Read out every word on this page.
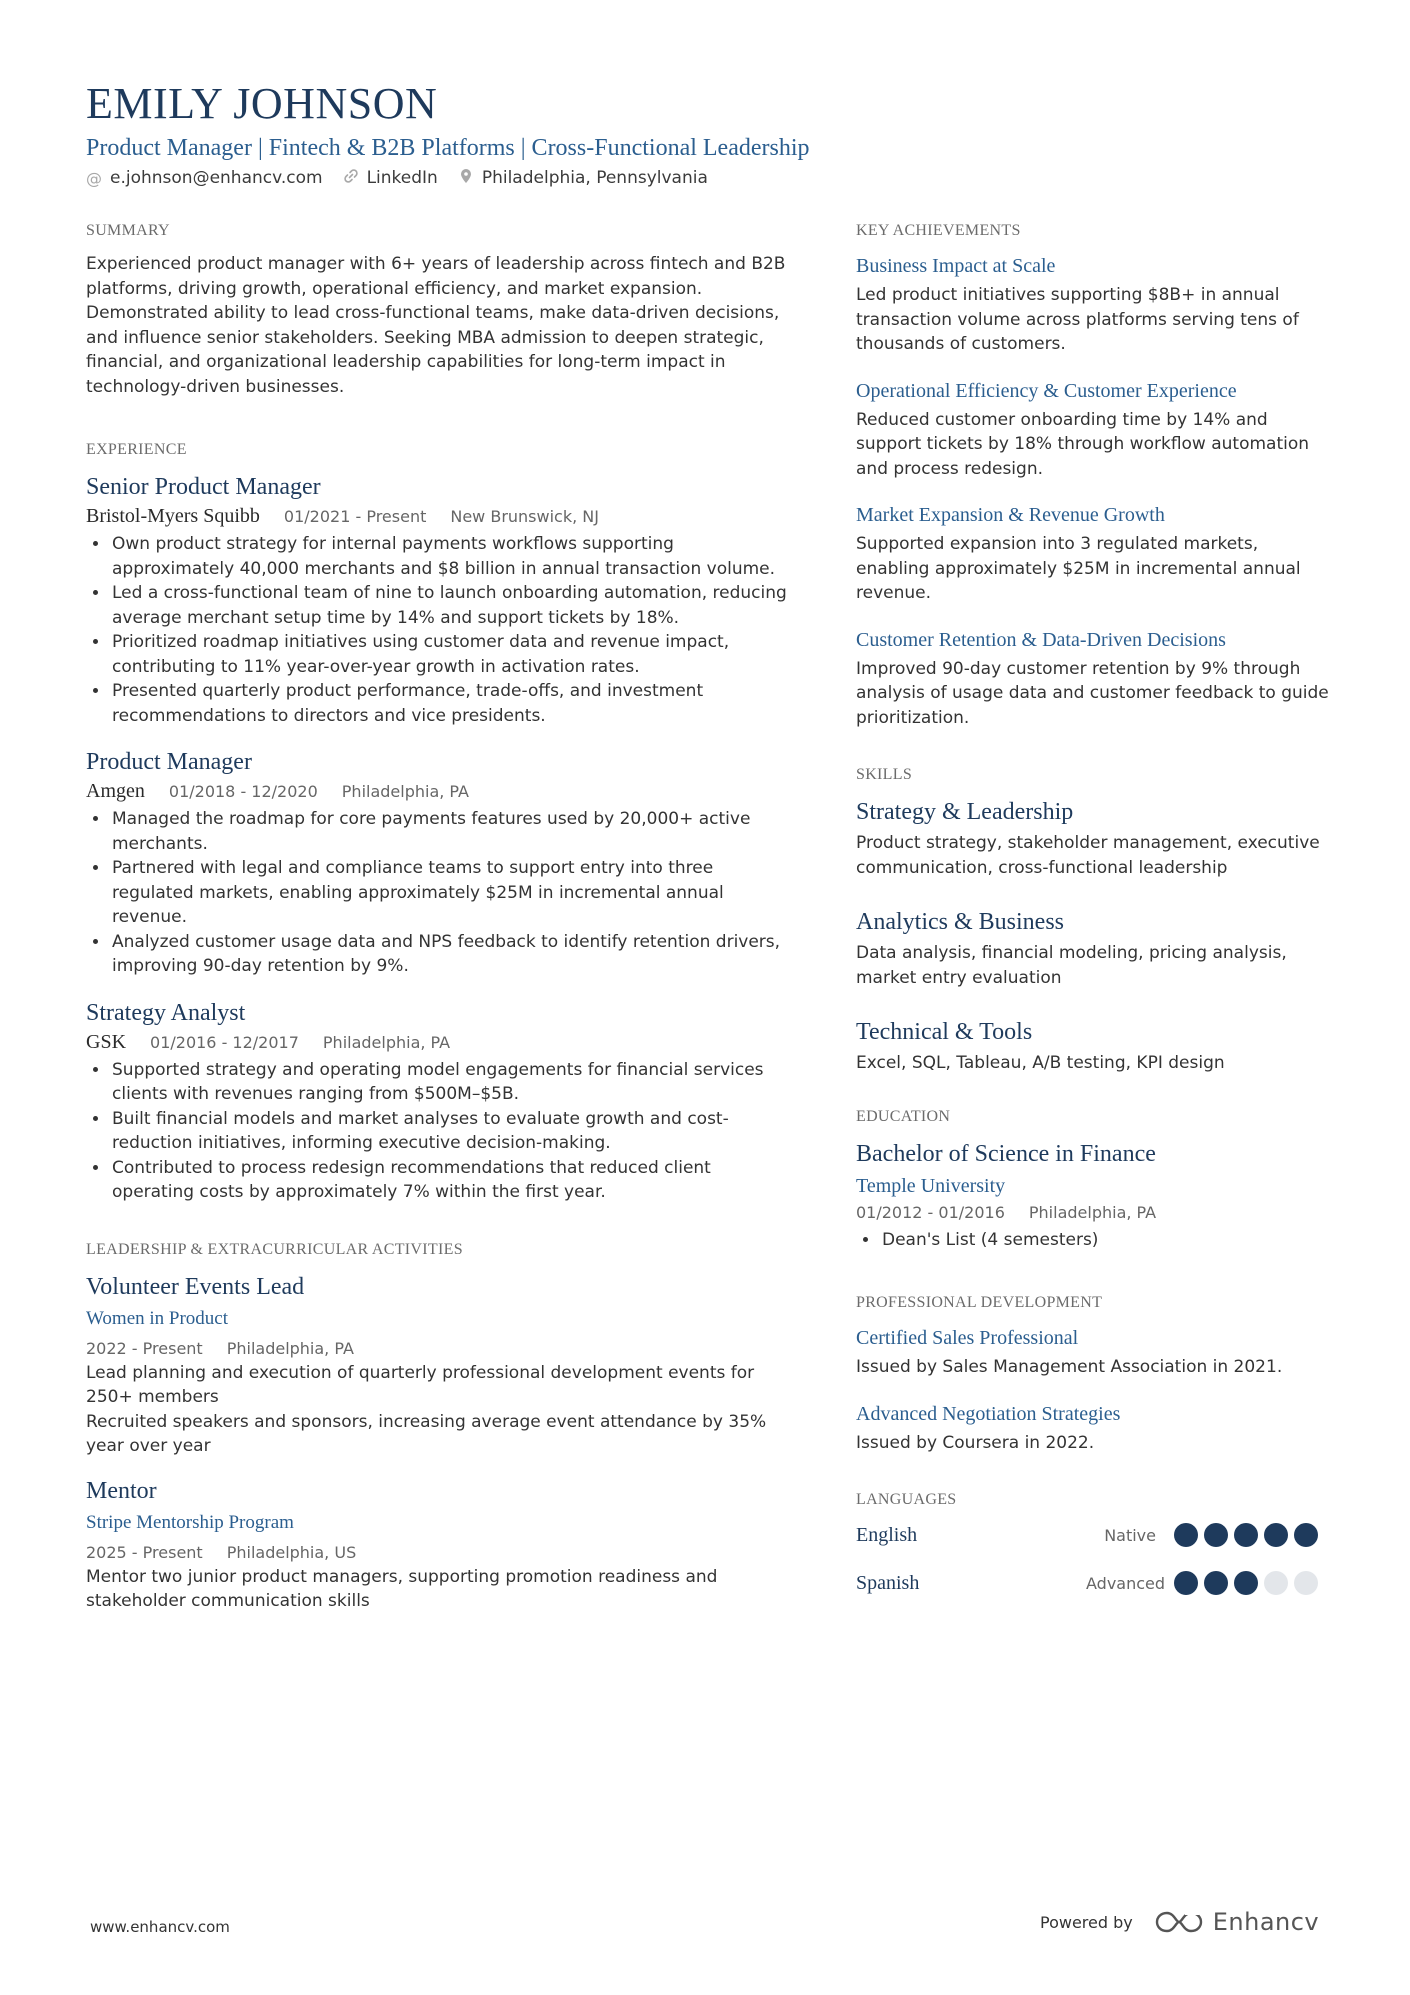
EMILY JOHNSON
Product Manager | Fintech & B2B Platforms | Cross-Functional Leadership
@ e.johnson@enhancv.com	LinkedIn	Philadelphia, Pennsylvania
SUMMARY
Experienced product manager with 6+ years of leadership across fintech and B2B platforms, driving growth, operational efficiency, and market expansion. Demonstrated ability to lead cross-functional teams, make data-driven decisions, and influence senior stakeholders. Seeking MBA admission to deepen strategic, financial, and organizational leadership capabilities for long-term impact in technology-driven businesses.
EXPERIENCE
Senior Product Manager
Bristol-Myers Squibb 01/2021 - Present New Brunswick, NJ
• Own product strategy for internal payments workflows supporting approximately 40,000 merchants and $8 billion in annual transaction volume.
• Led a cross-functional team of nine to launch onboarding automation, reducing average merchant setup time by 14% and support tickets by 18%.
• Prioritized roadmap initiatives using customer data and revenue impact, contributing to 11% year-over-year growth in activation rates.
• Presented quarterly product performance, trade-offs, and investment recommendations to directors and vice presidents.
Product Manager
Amgen 01/2018 - 12/2020 Philadelphia, PA
• Managed the roadmap for core payments features used by 20,000+ active merchants.
• Partnered with legal and compliance teams to support entry into three regulated markets, enabling approximately $25M in incremental annual revenue.
• Analyzed customer usage data and NPS feedback to identify retention drivers, improving 90-day retention by 9%.
Strategy Analyst
GSK 01/2016 - 12/2017 Philadelphia, PA
• Supported strategy and operating model engagements for financial services clients with revenues ranging from $500M–$5B.
• Built financial models and market analyses to evaluate growth and cost-reduction initiatives, informing executive decision-making.
• Contributed to process redesign recommendations that reduced client operating costs by approximately 7% within the first year.
LEADERSHIP & EXTRACURRICULAR ACTIVITIES
Volunteer Events Lead
Women in Product
2022 - Present Philadelphia, PA
Lead planning and execution of quarterly professional development events for 250+ members
Recruited speakers and sponsors, increasing average event attendance by 35% year over year
Mentor
Stripe Mentorship Program
2025 - Present Philadelphia, US
Mentor two junior product managers, supporting promotion readiness and stakeholder communication skills
KEY ACHIEVEMENTS
Business Impact at Scale
Led product initiatives supporting $8B+ in annual transaction volume across platforms serving tens of thousands of customers.
Operational Efficiency & Customer Experience
Reduced customer onboarding time by 14% and support tickets by 18% through workflow automation and process redesign.
Market Expansion & Revenue Growth
Supported expansion into 3 regulated markets, enabling approximately $25M in incremental annual revenue.
Customer Retention & Data-Driven Decisions
Improved 90-day customer retention by 9% through analysis of usage data and customer feedback to guide prioritization.
SKILLS
Strategy & Leadership
Product strategy, stakeholder management, executive communication, cross-functional leadership
Analytics & Business
Data analysis, financial modeling, pricing analysis, market entry evaluation
Technical & Tools
Excel, SQL, Tableau, A/B testing, KPI design
EDUCATION
Bachelor of Science in Finance
Temple University
01/2012 - 01/2016 Philadelphia, PA
• Dean's List (4 semesters)
PROFESSIONAL DEVELOPMENT
Certified Sales Professional
Issued by Sales Management Association in 2021.
Advanced Negotiation Strategies
Issued by Coursera in 2022.
LANGUAGES
English	Native
Spanish	Advanced
www.enhancv.com	Powered by	Enhancv
